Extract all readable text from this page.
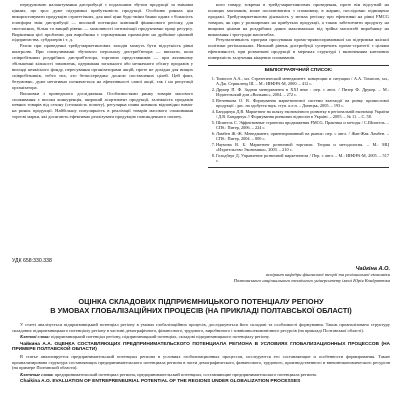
передумовою налаштування дистрибуції з подальшим збутом продукції за змінами цінних, що зрос дуже підтримки прибутковість продукції. Особливо ринках цін використовувати продукцію стратегічних, для якої ціни будь-зміни банки одних з більшість платформ змін дистрибуції — високий потенціал компаній фінансового регіону, для своєчасних, більш та вищий рівень — можливості оптимізації продуктивно праці ресурсу. Вирішення цієї проблеми для виробника є стримування промоцією на дрібніше ціновий підприємства, субдилерів і т. д.

Разом при проведенні трейд-маркетингових заходів можуть бути відсутність рівні контролю. При стимулюванні збутового персоналу дистриб'ютора — виплати, коли співробітники роздрібних дистриб'ютора, торгових представників — при активному збільшенні кількості замовлень, одержання загального або незначного обсягу продажів у вигляді неякісного фонду, пересування організаторами акцій, проте не дохідна для вищих співробітників, тобто тих, хто безпосередньо досягає поставлених цілей. Цей факт, безумовно, дуже негативно позначається на ефективності самої акції, так і на репутації організатора.

Висновки з проведеного дослідження. Особливостями ринку товарів масового споживання є висока конкуренція, широкий асортимент продукції, залежність продажів певних товарів від сезону (сезонність попиту), регулярна поява новинок відповідно вимог на ринок продукції. Найбільшу популярність в реалізації товарів масового споживання торгові марки, які досягають ефективно реалізувати продукцію повсякденного попиту.

ного товару, зокрема в трейд-маркетингових проведення, проте він відсутній на полицях магазинів, може посилюватися з споживачу, в жарню, послідовно підвищено продажі. Трейд-маркетингова діяльність у межах регіону про ефективні на рівні FMCG товарах, як при у розширених на прибутках продукції, а також забезпечити продукту на вищими цінами на роздрібних даних максимально від трійка масштабі виробнику на вимагання і три-гради масштабах.

Результативність програм просування промо-прямоспрямованої на підтримки якісної політики регіональних. Низький рівень дистрибуції суперечить промо-стратегії з цілями ефективності, при розвиткові продукції в мережах структурі і включенням ключових поверхність залучення кінцевих споживачів.

БІБЛІОГРАФІЧНИЙ СПИСОК:
1. Томпсон А.А., мл. Стратегический менеджмент: концепции и ситуации / А.А. Томпсон, мл., А.Дж. Стрикленд III. – М.: ИНФРА-М, 2000. – 412 с.
2. Друкер П. Ф. Задачи менеджмента в XXI веке : пер. с англ. / Питер Ф. Друкер. – М.: Издательский дом «Вильямс», 2004. – 272 с.
3. Вітченкова О. В. Формування маркетингової системи взаємодії на ринку промислової продукції : дис. на здобуття наук. ступ. к.е.н. – Донецьк, 2005. – 193 с.
4. Бандарчук Д.В. Маркетинг на шляху економічного розвитку в регіональній економіці України / Д.В. Бандарчук // Формування ринкових відносин в Україні. – 2005. – № 11. – С. 58.
5. Шпигель С. Эффективные стратегии продвижения FMCG. Практика и методы / С.Шпигель. – СПб.: Питер, 2006. – 224 с.
6. Ламбен Ж.-Ж. Менеджмент, ориентированный на рынок: пер. с англ. / Жан-Жак Ламбен. – СПб.: Питер, 2004. – 800 с.
7. Наумова В. Б. Маркетинг розничной торговли. Теория и методология. – М.: МЦ «Издательство Экономика», 2003. – 210 с.
8. Гольдберг Д. Управление розничной маркетингом / Пер. с англ. – М.: ИНФРА-М, 2005. – 517 с.
УДК 658:330.338
Чайкіна А.О.
аспірант кафедри фінансової теорії та регіональної економіки
Полтавського національного технічного університету імені Юрія Кондратюка
ОЦІНКА СКЛАДОВИХ ПІДПРИЄМНИЦЬКОГО ПОТЕНЦІАЛУ РЕГІОНУ
В УМОВАХ ГЛОБАЛІЗАЦІЙНИХ ПРОЦЕСІВ (НА ПРИКЛАДІ ПОЛТАВСЬКОЇ ОБЛАСТІ)

У статті аналізується підприємницький потенціал регіону в умовах глобалізаційних процесів, досліджуються його складові та особливості формування. Також проаналізовано структуру складових підприємницького потенціалу регіону в частині демографічного, фінансового, трудового, виробничого і зовнішньоекономічного ресурсів (на прикладі Полтавської області).

Ключові слова: підприємницький потенціал регіону, підприємницький потенціал, складові підприємницького потенціалу регіону.

Чайкина А.А. ОЦЕНКА СОСТАВЛЯЮЩИХ ПРЕДПРИНИМАТЕЛЬСКОГО ПОТЕНЦИАЛА РЕГИОНА В УСЛОВИЯХ ГЛОБАЛИЗАЦИОННЫХ ПРОЦЕССОВ (НА ПРИМЕРЕ ПОЛТАВСКОЙ ОБЛАСТИ)

В статье анализируется предпринимательский потенциал региона в условиях глобализационных процессов, исследуются его составляющие и особенности формирования. Также проанализирована структура составляющих предпринимательского потенциала региона в части демографического, финансового, трудового, производственного и внешнеэкономического ресурсов (на примере Полтавской области).

Ключевые слова: предпринимательский потенциал региона, предпринимательский потенциал, составляющие предпринимательского потенциала региона.

Chaikina A.O. EVALUATION OF ENTREPRENEURIAL POTENTIAL OF THE REGIONS UNDER GLOBALIZATION PROCESSES
